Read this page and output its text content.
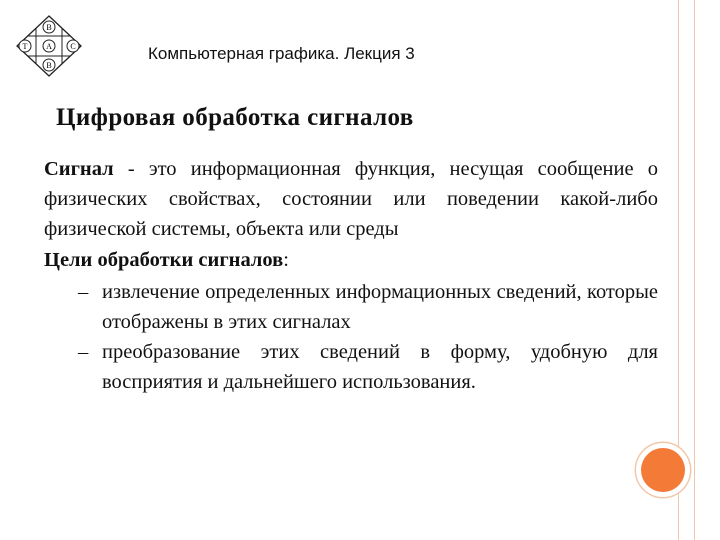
В
Т А С
В
Компьютерная графика. Лекция 3
Цифровая обработка сигналов

Сигнал - это информационная функция, несущая сообщение о физических свойствах, состоянии или поведении какой-либо физической системы, объекта или среды

Цели обработки сигналов:

– извлечение определенных информационных сведений, которые отображены в этих сигналах
– преобразование этих сведений в форму, удобную для восприятия и дальнейшего использования.
